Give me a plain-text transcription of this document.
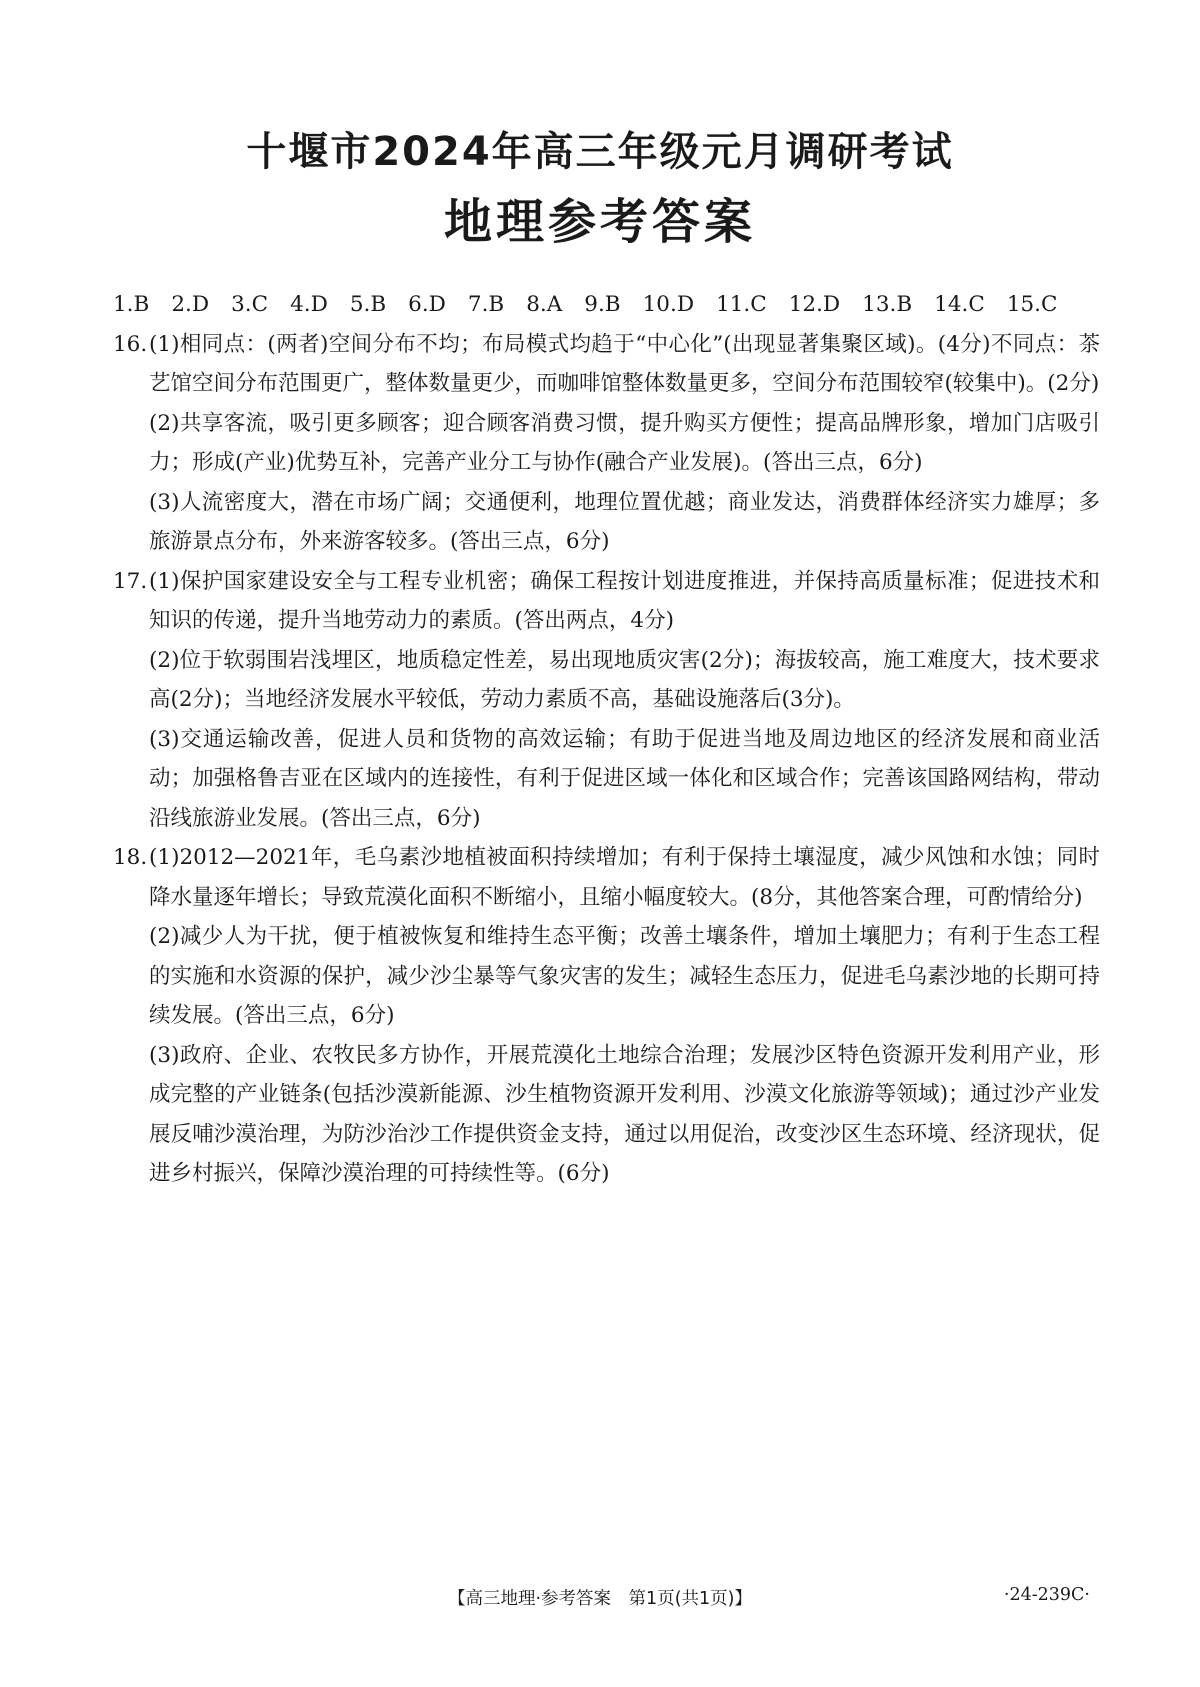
十堰市2024年高三年级元月调研考试
地理参考答案
1.B 2.D 3.C 4.D 5.B 6.D 7.B 8.A 9.B 10.D 11.C 12.D 13.B 14.C 15.C
16. (1)相同点：(两者)空间分布不均；布局模式均趋于“中心化”(出现显著集聚区域)。(4分)不同点：茶艺馆空间分布范围更广，整体数量更少，而咖啡馆整体数量更多，空间分布范围较窄(较集中)。(2分)

(2)共享客流，吸引更多顾客；迎合顾客消费习惯，提升购买方便性；提高品牌形象，增加门店吸引力；形成(产业)优势互补，完善产业分工与协作(融合产业发展)。(答出三点，6分)

(3)人流密度大，潜在市场广阔；交通便利，地理位置优越；商业发达，消费群体经济实力雄厚；多旅游景点分布，外来游客较多。(答出三点，6分)

17. (1)保护国家建设安全与工程专业机密；确保工程按计划进度推进，并保持高质量标准；促进技术和知识的传递，提升当地劳动力的素质。(答出两点，4分)

(2)位于软弱围岩浅埋区，地质稳定性差，易出现地质灾害(2分)；海拔较高，施工难度大，技术要求高(2分)；当地经济发展水平较低，劳动力素质不高，基础设施落后(3分)。

(3)交通运输改善，促进人员和货物的高效运输；有助于促进当地及周边地区的经济发展和商业活动；加强格鲁吉亚在区域内的连接性，有利于促进区域一体化和区域合作；完善该国路网结构，带动沿线旅游业发展。(答出三点，6分)

18. (1)2012—2021年，毛乌素沙地植被面积持续增加；有利于保持土壤湿度，减少风蚀和水蚀；同时降水量逐年增长；导致荒漠化面积不断缩小，且缩小幅度较大。(8分，其他答案合理，可酌情给分)

(2)减少人为干扰，便于植被恢复和维持生态平衡；改善土壤条件，增加土壤肥力；有利于生态工程的实施和水资源的保护，减少沙尘暴等气象灾害的发生；减轻生态压力，促进毛乌素沙地的长期可持续发展。(答出三点，6分)

(3)政府、企业、农牧民多方协作，开展荒漠化土地综合治理；发展沙区特色资源开发利用产业，形成完整的产业链条(包括沙漠新能源、沙生植物资源开发利用、沙漠文化旅游等领域)；通过沙产业发展反哺沙漠治理，为防沙治沙工作提供资金支持，通过以用促治，改变沙区生态环境、经济现状，促进乡村振兴，保障沙漠治理的可持续性等。(6分)

【高三地理·参考答案　第1页(共1页)】	·24-239C·
